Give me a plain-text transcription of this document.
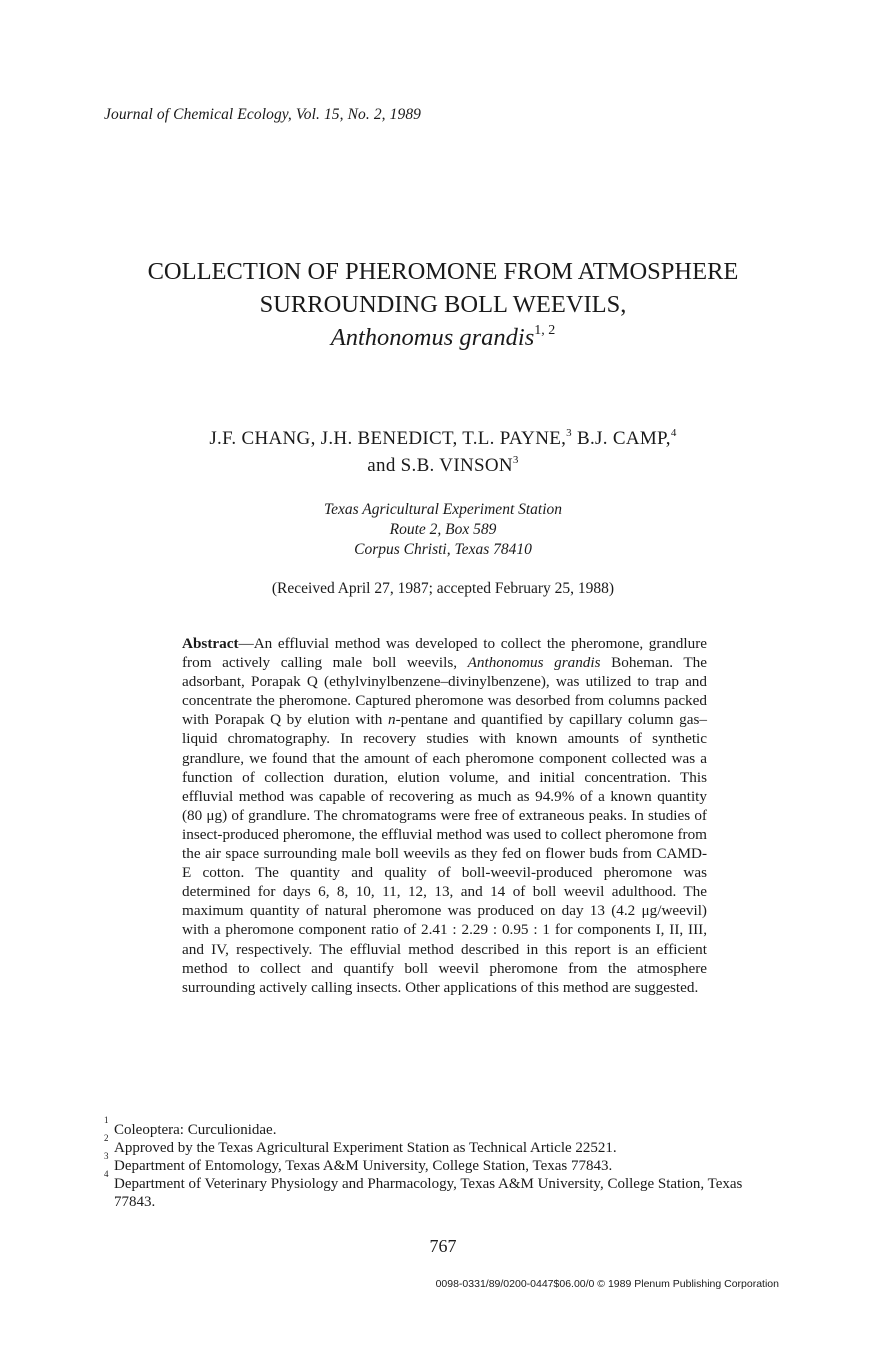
Journal of Chemical Ecology, Vol. 15, No. 2, 1989
COLLECTION OF PHEROMONE FROM ATMOSPHERE
SURROUNDING BOLL WEEVILS,
Anthonomus grandis$^{1, 2}$
J.F. CHANG, J.H. BENEDICT, T.L. PAYNE,$^3$ B.J. CAMP,$^4$
and S.B. VINSON$^3$
Texas Agricultural Experiment Station
Route 2, Box 589
Corpus Christi, Texas 78410
(Received April 27, 1987; accepted February 25, 1988)
Abstract—An effluvial method was developed to collect the pheromone, grandlure from actively calling male boll weevils, Anthonomus grandis Boheman. The adsorbant, Porapak Q (ethylvinylbenzene–divinylbenzene), was utilized to trap and concentrate the pheromone. Captured pheromone was desorbed from columns packed with Porapak Q by elution with n-pentane and quantified by capillary column gas–liquid chromatography. In recovery studies with known amounts of synthetic grandlure, we found that the amount of each pheromone component collected was a function of collection duration, elution volume, and initial concentration. This effluvial method was capable of recovering as much as 94.9% of a known quantity (80 μg) of grandlure. The chromatograms were free of extraneous peaks. In studies of insect-produced pheromone, the effluvial method was used to collect pheromone from the air space surrounding male boll weevils as they fed on flower buds from CAMD-E cotton. The quantity and quality of boll-weevil-produced pheromone was determined for days 6, 8, 10, 11, 12, 13, and 14 of boll weevil adulthood. The maximum quantity of natural pheromone was produced on day 13 (4.2 μg/weevil) with a pheromone component ratio of 2.41 : 2.29 : 0.95 : 1 for components I, II, III, and IV, respectively. The effluvial method described in this report is an efficient method to collect and quantify boll weevil pheromone from the atmosphere surrounding actively calling insects. Other applications of this method are suggested.
1
Coleoptera: Curculionidae.
2
Approved by the Texas Agricultural Experiment Station as Technical Article 22521.
3
Department of Entomology, Texas A&M University, College Station, Texas 77843.
4
Department of Veterinary Physiology and Pharmacology, Texas A&M University, College Station, Texas 77843.
767
0098-0331/89/0200-0447$06.00/0 © 1989 Plenum Publishing Corporation
